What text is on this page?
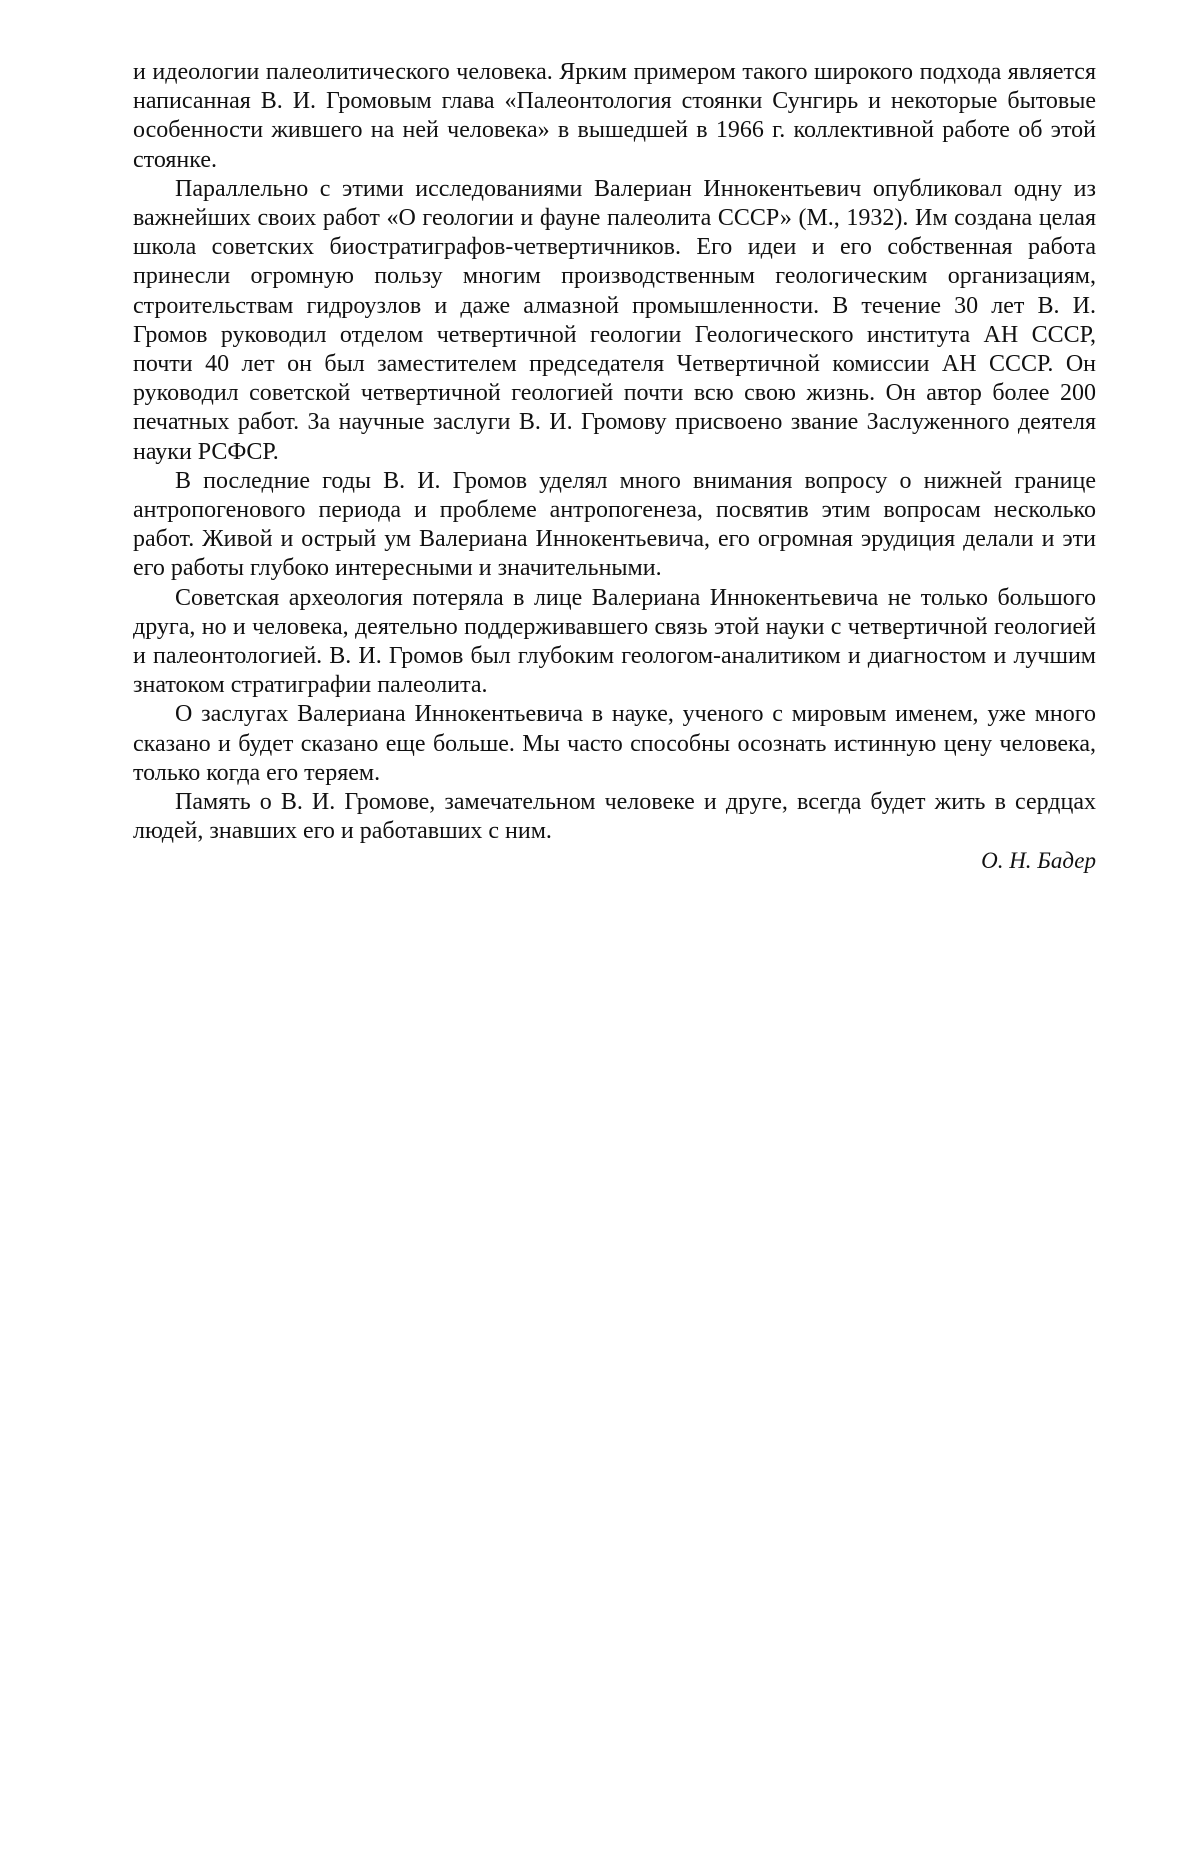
и идеологии палеолитического человека. Ярким примером такого широкого подхода является написанная В. И. Громовым глава «Палеонтология стоянки Сунгирь и некоторые бытовые особенности жившего на ней человека» в вышедшей в 1966 г. коллективной работе об этой стоянке.

Параллельно с этими исследованиями Валериан Иннокентьевич опубликовал одну из важнейших своих работ «О геологии и фауне палеолита СССР» (М., 1932). Им создана целая школа советских биостратиграфов-четвертичников. Его идеи и его собственная работа принесли огромную пользу многим производственным геологическим организациям, строительствам гидроузлов и даже алмазной промышленности. В течение 30 лет В. И. Громов руководил отделом четвертичной геологии Геологического института АН СССР, почти 40 лет он был заместителем председателя Четвертичной комиссии АН СССР. Он руководил советской четвертичной геологией почти всю свою жизнь. Он автор более 200 печатных работ. За научные заслуги В. И. Громову присвоено звание Заслуженного деятеля науки РСФСР.

В последние годы В. И. Громов уделял много внимания вопросу о нижней границе антропогенового периода и проблеме антропогенеза, посвятив этим вопросам несколько работ. Живой и острый ум Валериана Иннокентьевича, его огромная эрудиция делали и эти его работы глубоко интересными и значительными.

Советская археология потеряла в лице Валериана Иннокентьевича не только большого друга, но и человека, деятельно поддерживавшего связь этой науки с четвертичной геологией и палеонтологией. В. И. Громов был глубоким геологом-аналитиком и диагностом и лучшим знатоком стратиграфии палеолита.

О заслугах Валериана Иннокентьевича в науке, ученого с мировым именем, уже много сказано и будет сказано еще больше. Мы часто способны осознать истинную цену человека, только когда его теряем.

Память о В. И. Громове, замечательном человеке и друге, всегда будет жить в сердцах людей, знавших его и работавших с ним.

О. Н. Бадер
